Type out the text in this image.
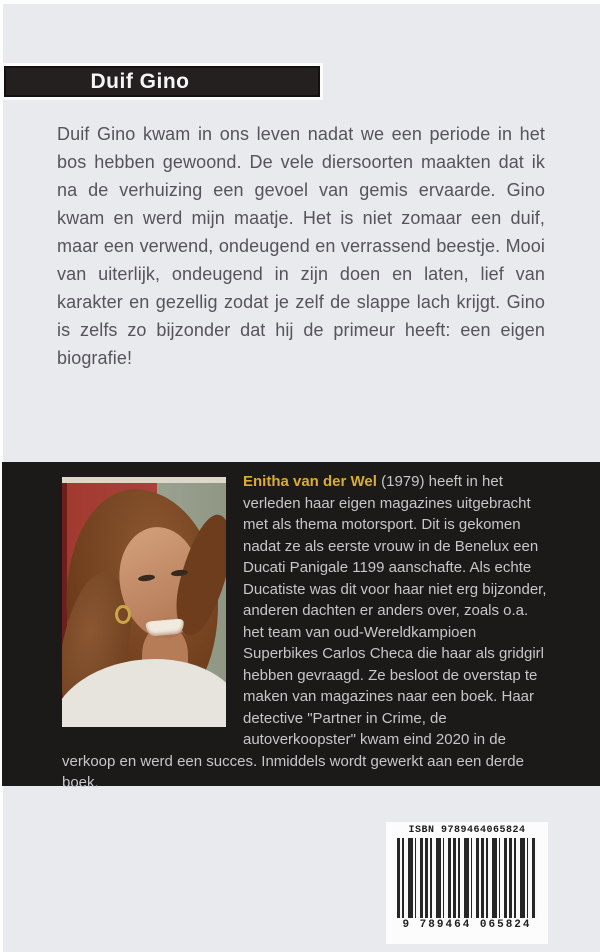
Duif Gino

Duif Gino kwam in ons leven nadat we een periode in het bos hebben gewoond. De vele diersoorten maakten dat ik na de verhuizing een gevoel van gemis ervaarde. Gino kwam en werd mijn maatje. Het is niet zomaar een duif, maar een verwend, ondeugend en verrassend beestje. Mooi van uiterlijk, ondeugend in zijn doen en laten, lief van karakter en gezellig zodat je zelf de slappe lach krijgt. Gino is zelfs zo bijzonder dat hij de primeur heeft: een eigen biografie!

Enitha van der Wel (1979) heeft in het verleden haar eigen magazines uitgebracht met als thema motorsport. Dit is gekomen nadat ze als eerste vrouw in de Benelux een Ducati Panigale 1199 aanschafte. Als echte Ducatiste was dit voor haar niet erg bijzonder, anderen dachten er anders over, zoals o.a. het team van oud-Wereldkampioen Superbikes Carlos Checa die haar als gridgirl hebben gevraagd. Ze besloot de overstap te maken van magazines naar een boek. Haar detective "Partner in Crime, de autoverkoopster" kwam eind 2020 in de verkoop en werd een succes. Inmiddels wordt gewerkt aan een derde boek.

ISBN 9789464065824
9 789464 065824
